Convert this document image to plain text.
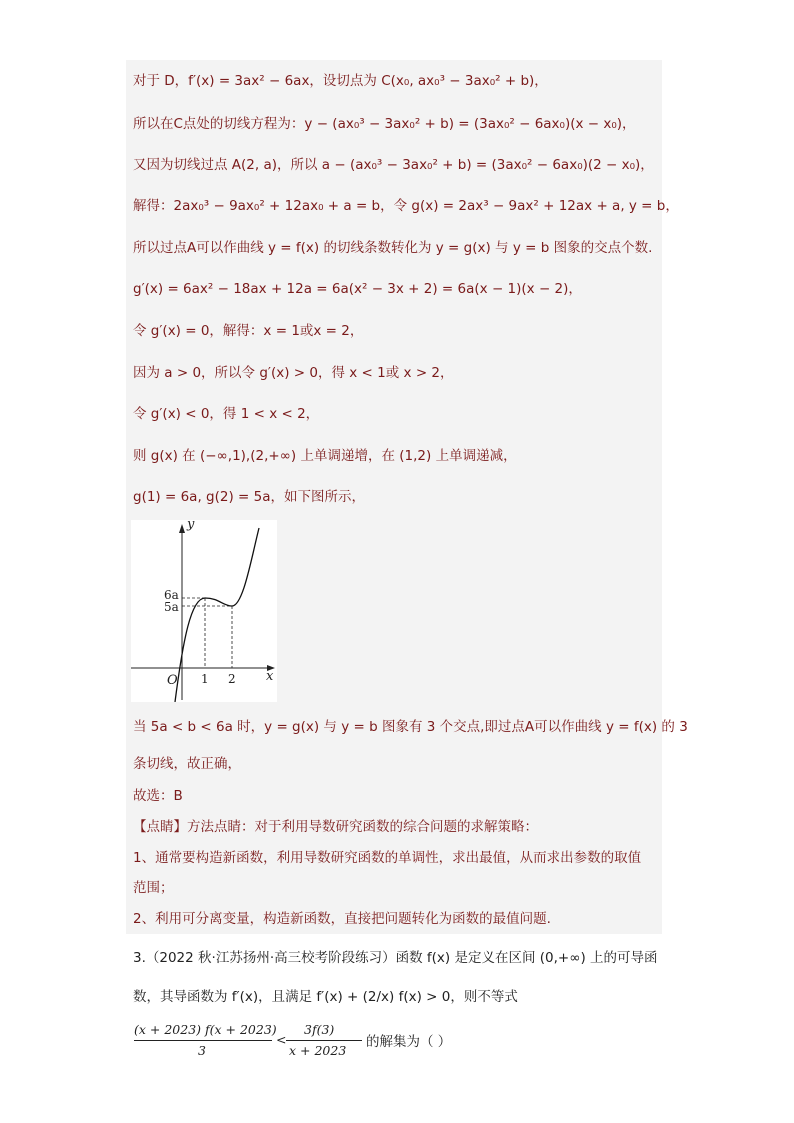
对于 D，f′(x) = 3ax² − 6ax，设切点为 C(x₀, ax₀³ − 3ax₀² + b)，
所以在C点处的切线方程为：y − (ax₀³ − 3ax₀² + b) = (3ax₀² − 6ax₀)(x − x₀)，
又因为切线过点 A(2, a)，所以 a − (ax₀³ − 3ax₀² + b) = (3ax₀² − 6ax₀)(2 − x₀)，
解得：2ax₀³ − 9ax₀² + 12ax₀ + a = b，令 g(x) = 2ax³ − 9ax² + 12ax + a, y = b，
所以过点A可以作曲线 y = f(x) 的切线条数转化为 y = g(x) 与 y = b 图象的交点个数.
g′(x) = 6ax² − 18ax + 12a = 6a(x² − 3x + 2) = 6a(x − 1)(x − 2)，
令 g′(x) = 0，解得：x = 1或x = 2，
因为 a > 0，所以令 g′(x) > 0，得 x < 1或 x > 2，
令 g′(x) < 0，得 1 < x < 2，
则 g(x) 在 (−∞,1),(2,+∞) 上单调递增，在 (1,2) 上单调递减，
g(1) = 6a, g(2) = 5a，如下图所示，
y
x
O 1 2
6a
5a
当 5a < b < 6a 时，y = g(x) 与 y = b 图象有 3 个交点,即过点A可以作曲线 y = f(x) 的 3
条切线，故正确，
故选：B
【点睛】方法点睛：对于利用导数研究函数的综合问题的求解策略：
1、通常要构造新函数，利用导数研究函数的单调性，求出最值，从而求出参数的取值
范围；
2、利用可分离变量，构造新函数，直接把问题转化为函数的最值问题.
3.（2022 秋·江苏扬州·高三校考阶段练习）函数 f(x) 是定义在区间 (0,+∞) 上的可导函
数，其导函数为 f′(x)，且满足 f′(x) + (2/x) f(x) > 0，则不等式
(x + 2023) f(x + 2023)
3
<
3f(3)
x + 2023
的解集为（ ）
